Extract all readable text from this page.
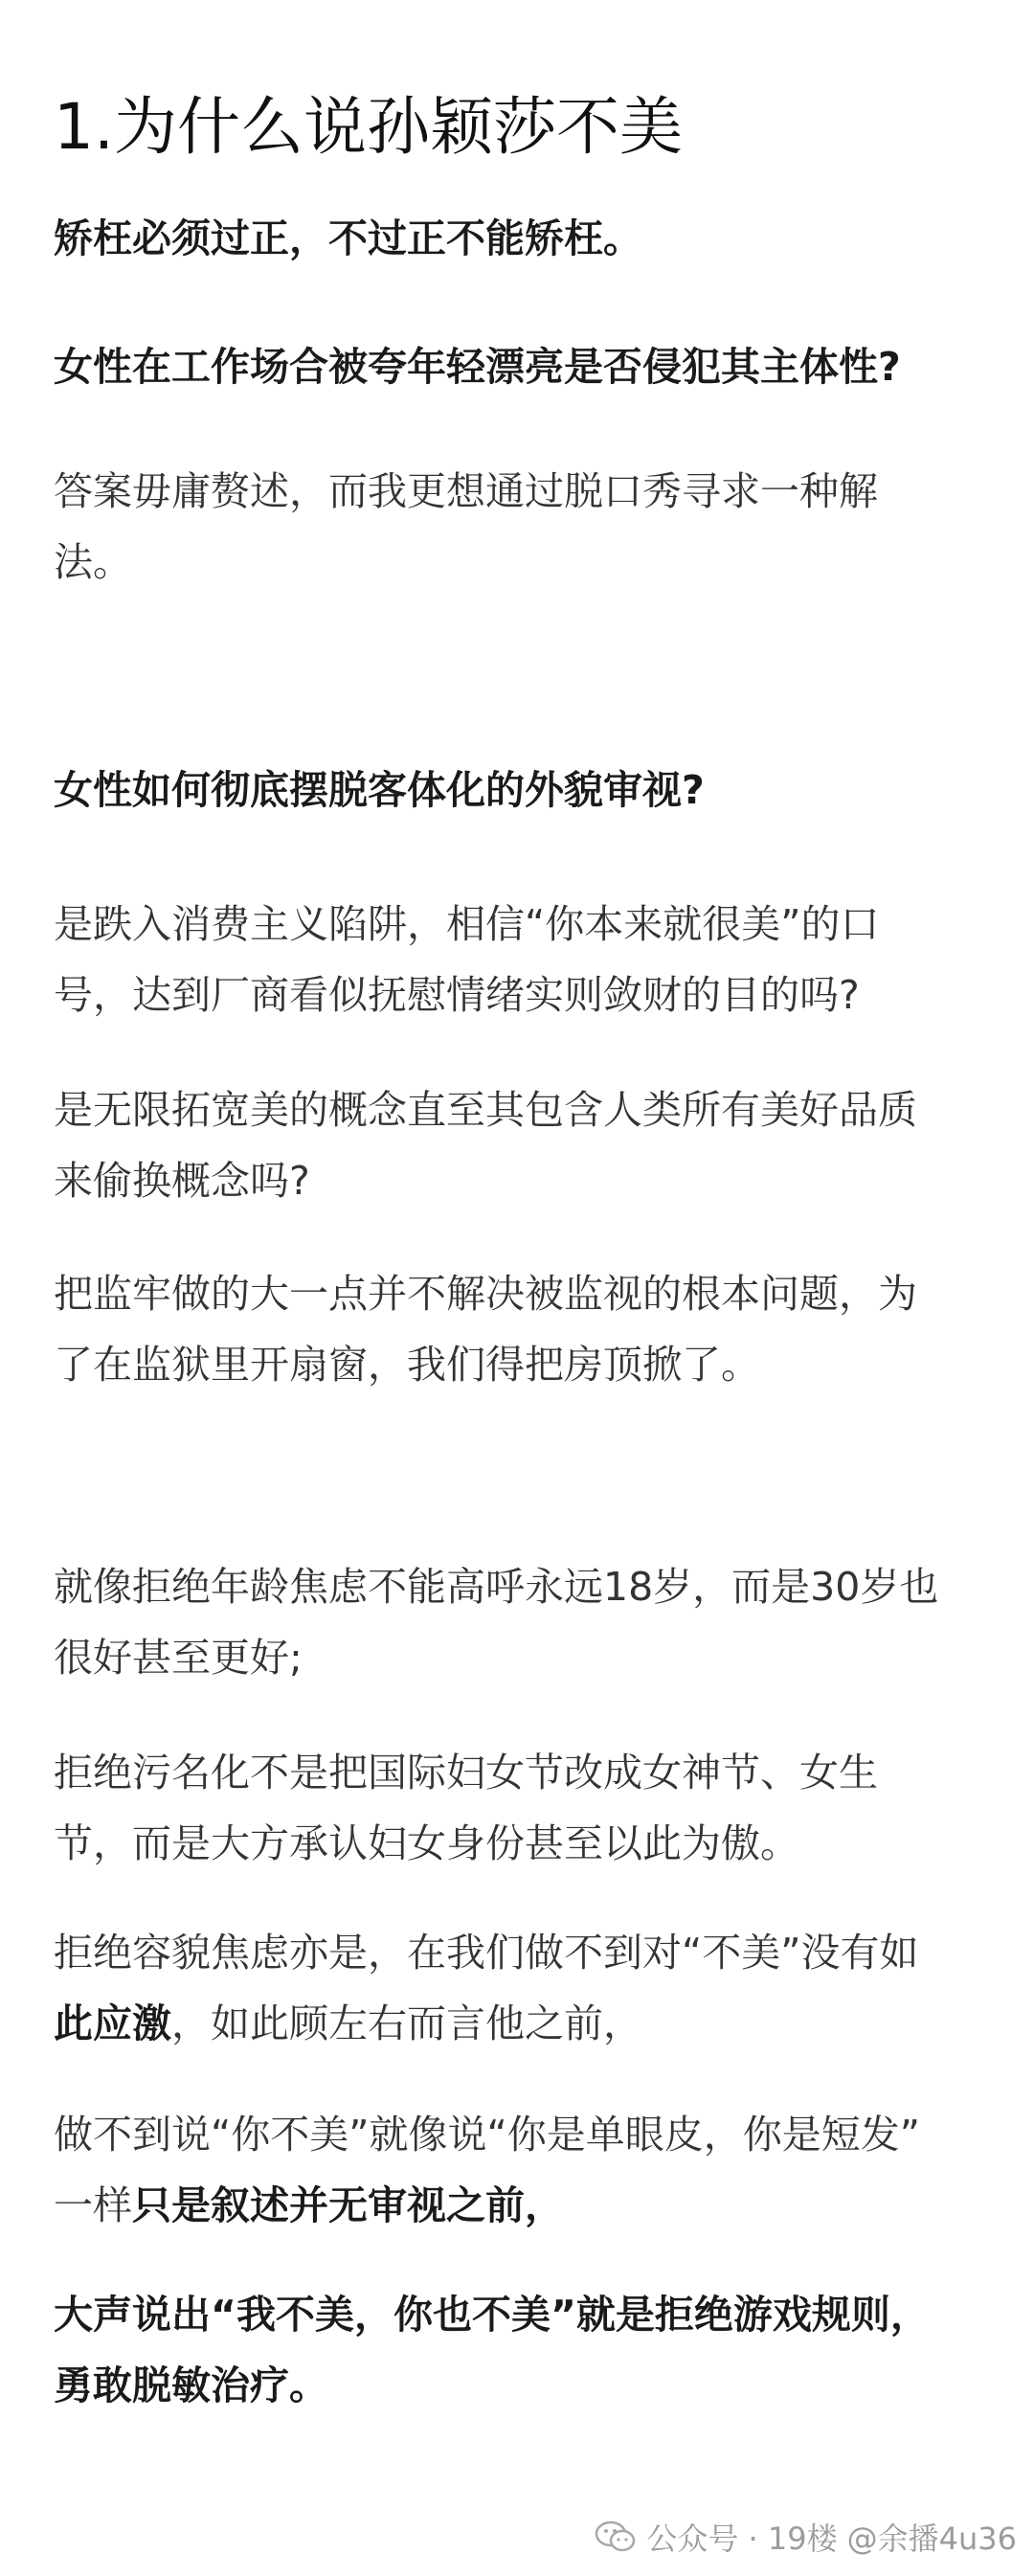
1.为什么说孙颖莎不美

矫枉必须过正，不过正不能矫枉。

女性在工作场合被夸年轻漂亮是否侵犯其主体性?

答案毋庸赘述，而我更想通过脱口秀寻求一种解
法。

女性如何彻底摆脱客体化的外貌审视?

是跌入消费主义陷阱，相信“你本来就很美”的口
号，达到厂商看似抚慰情绪实则敛财的目的吗?

是无限拓宽美的概念直至其包含人类所有美好品质
来偷换概念吗?

把监牢做的大一点并不解决被监视的根本问题，为
了在监狱里开扇窗，我们得把房顶掀了。

就像拒绝年龄焦虑不能高呼永远18岁，而是30岁也
很好甚至更好;

拒绝污名化不是把国际妇女节改成女神节、女生
节，而是大方承认妇女身份甚至以此为傲。

拒绝容貌焦虑亦是，在我们做不到对“不美”没有如
此应激，如此顾左右而言他之前，

做不到说“你不美”就像说“你是单眼皮，你是短发”
一样只是叙述并无审视之前，

大声说出“我不美，你也不美”就是拒绝游戏规则，
勇敢脱敏治疗。

公众号 · 19楼 @余播4u36
